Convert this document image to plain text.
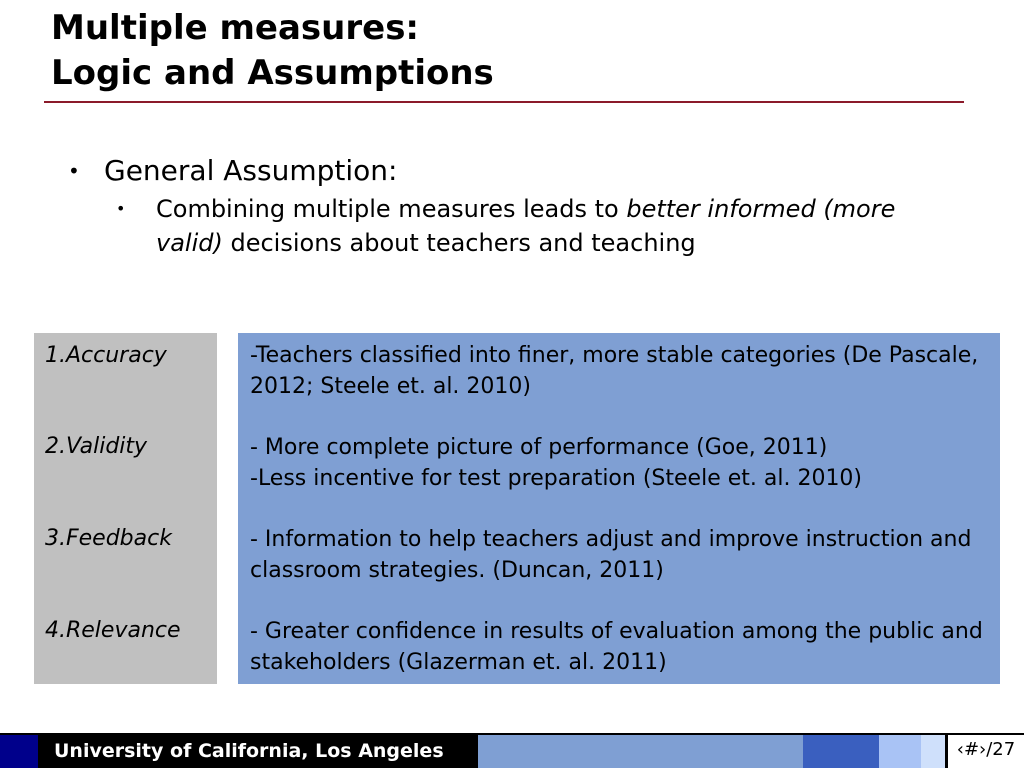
Multiple measures:
Logic and Assumptions
• General Assumption:
• Combining multiple measures leads to better informed (more valid) decisions about teachers and teaching
1.Accuracy
2.Validity
3.Feedback
4.Relevance
-Teachers classified into finer, more stable categories (De Pascale, 2012; Steele et. al. 2010)
- More complete picture of performance (Goe, 2011)
-Less incentive for test preparation (Steele et. al. 2010)
- Information to help teachers adjust and improve instruction and classroom strategies. (Duncan, 2011)
- Greater confidence in results of evaluation among the public and stakeholders (Glazerman et. al. 2011)
University of California, Los Angeles	‹#›/27
